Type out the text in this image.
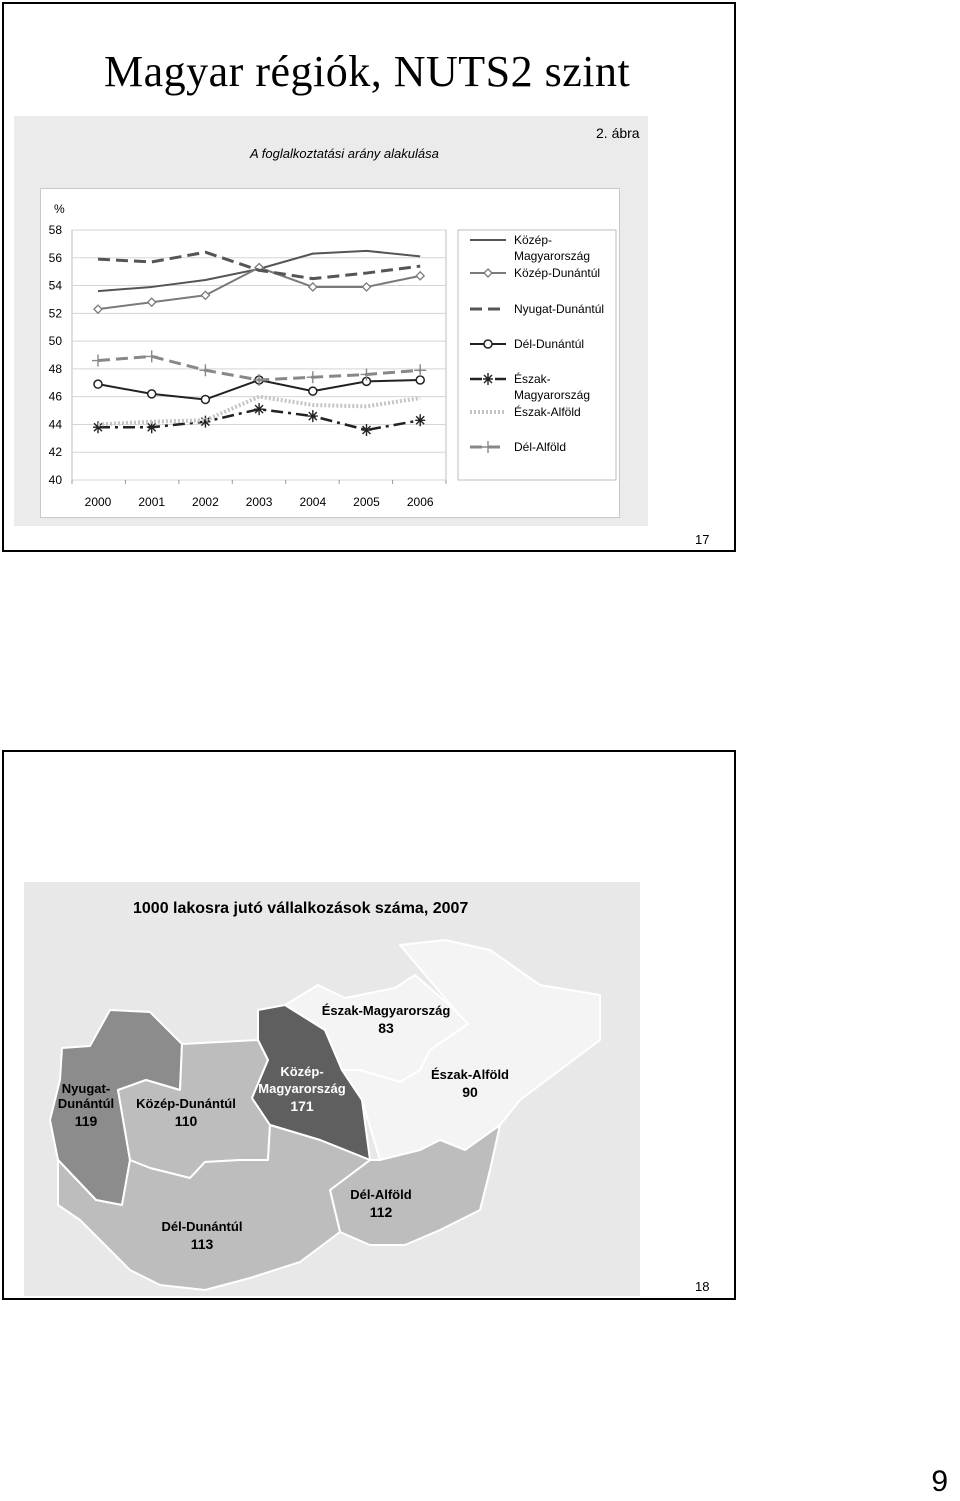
Magyar régiók, NUTS2 szint
A foglalkoztatási arány alakulása
2. ábra
40
42
44
46
48
50
52
54
56
58
%
2000 2001 2002 2003 2004 2005 2006
Közép-
Magyarország
Közép-Dunántúl
Nyugat-Dunántúl
Dél-Dunántúl
Észak-
Magyarország
Észak-Alföld
Dél-Alföld
17
1000 lakosra jutó vállalkozások száma, 2007
Nyugat-
Dunántúl
119
Közép-Dunántúl
110
Közép-
Magyarország
171
Észak-Magyarország
83
Észak-Alföld
90
Dél-Alföld
112
Dél-Dunántúl
113
18
9
